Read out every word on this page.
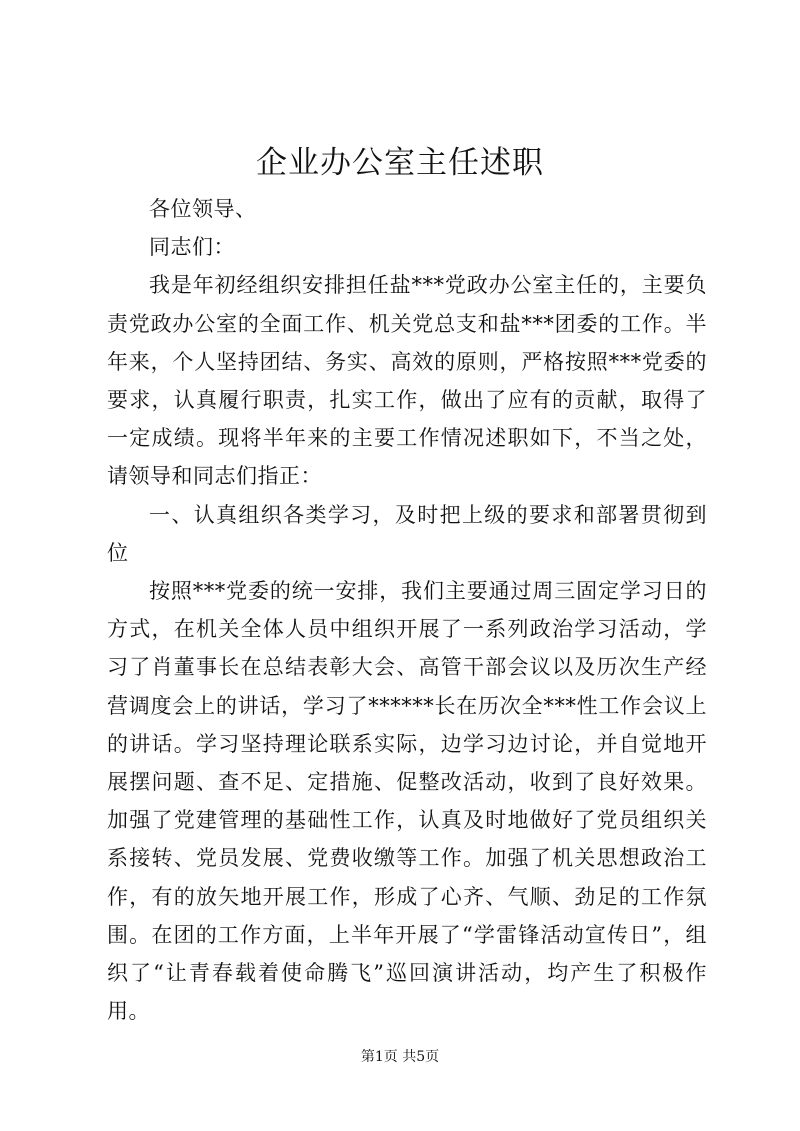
企业办公室主任述职

各位领导、

同志们：

我是年初经组织安排担任盐***党政办公室主任的，主要负责党政办公室的全面工作、机关党总支和盐***团委的工作。半年来，个人坚持团结、务实、高效的原则，严格按照***党委的要求，认真履行职责，扎实工作，做出了应有的贡献，取得了一定成绩。现将半年来的主要工作情况述职如下，不当之处，请领导和同志们指正：

一、认真组织各类学习，及时把上级的要求和部署贯彻到位

按照***党委的统一安排，我们主要通过周三固定学习日的方式，在机关全体人员中组织开展了一系列政治学习活动，学习了肖董事长在总结表彰大会、高管干部会议以及历次生产经营调度会上的讲话，学习了******长在历次全***性工作会议上的讲话。学习坚持理论联系实际，边学习边讨论，并自觉地开展摆问题、查不足、定措施、促整改活动，收到了良好效果。加强了党建管理的基础性工作，认真及时地做好了党员组织关系接转、党员发展、党费收缴等工作。加强了机关思想政治工作，有的放矢地开展工作，形成了心齐、气顺、劲足的工作氛围。在团的工作方面，上半年开展了“学雷锋活动宣传日”，组织了“让青春载着使命腾飞”巡回演讲活动，均产生了积极作用。

第1页 共5页
